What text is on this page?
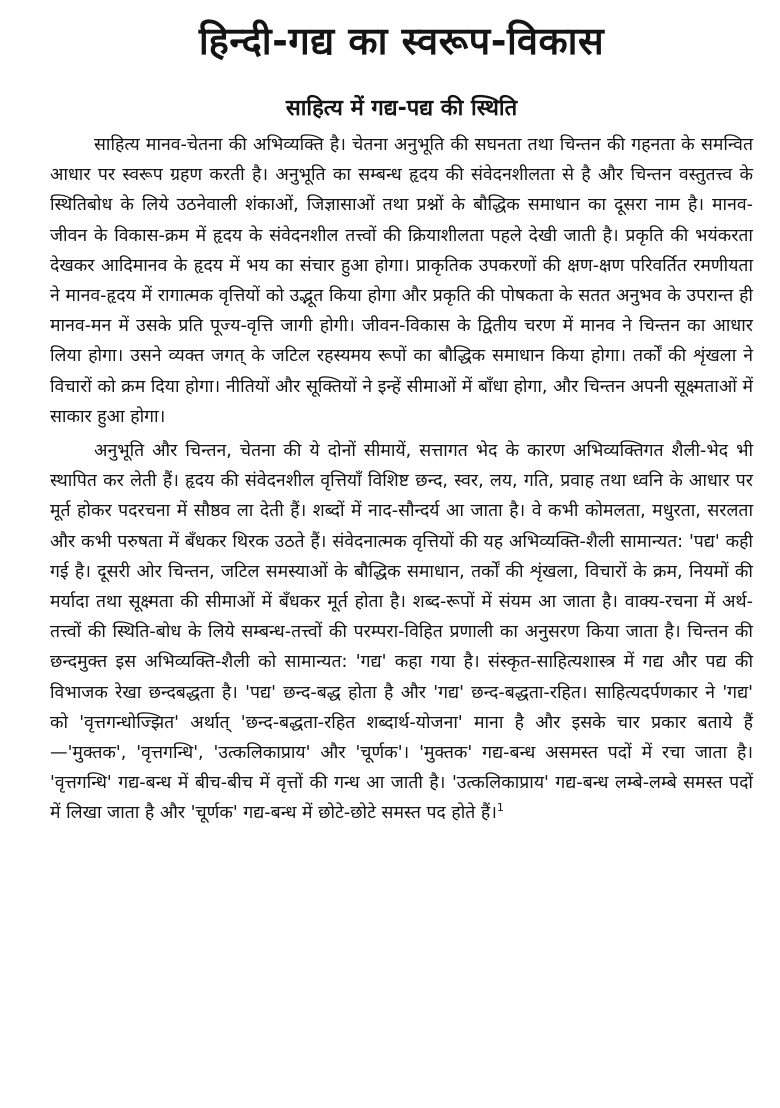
हिन्दी-गद्य का स्वरूप-विकास
साहित्य में गद्य-पद्य की स्थिति

साहित्य मानव-चेतना की अभिव्यक्ति है। चेतना अनुभूति की सघनता तथा चिन्तन की गहनता के समन्वित आधार पर स्वरूप ग्रहण करती है। अनुभूति का सम्बन्ध हृदय की संवेदनशीलता से है और चिन्तन वस्तुतत्त्व के स्थितिबोध के लिये उठनेवाली शंकाओं, जिज्ञासाओं तथा प्रश्नों के बौद्धिक समाधान का दूसरा नाम है। मानव-जीवन के विकास-क्रम में हृदय के संवेदनशील तत्त्वों की क्रियाशीलता पहले देखी जाती है। प्रकृति की भयंकरता देखकर आदिमानव के हृदय में भय का संचार हुआ होगा। प्राकृतिक उपकरणों की क्षण-क्षण परिवर्तित रमणीयता ने मानव-हृदय में रागात्मक वृत्तियों को उद्भूत किया होगा और प्रकृति की पोषकता के सतत अनुभव के उपरान्त ही मानव-मन में उसके प्रति पूज्य-वृत्ति जागी होगी। जीवन-विकास के द्वितीय चरण में मानव ने चिन्तन का आधार लिया होगा। उसने व्यक्त जगत् के जटिल रहस्यमय रूपों का बौद्धिक समाधान किया होगा। तर्कों की शृंखला ने विचारों को क्रम दिया होगा। नीतियों और सूक्तियों ने इन्हें सीमाओं में बाँधा होगा, और चिन्तन अपनी सूक्ष्मताओं में साकार हुआ होगा।

अनुभूति और चिन्तन, चेतना की ये दोनों सीमायें, सत्तागत भेद के कारण अभिव्यक्तिगत शैली-भेद भी स्थापित कर लेती हैं। हृदय की संवेदनशील वृत्तियाँ विशिष्ट छन्द, स्वर, लय, गति, प्रवाह तथा ध्वनि के आधार पर मूर्त होकर पदरचना में सौष्ठव ला देती हैं। शब्दों में नाद-सौन्दर्य आ जाता है। वे कभी कोमलता, मधुरता, सरलता और कभी परुषता में बँधकर थिरक उठते हैं। संवेदनात्मक वृत्तियों की यह अभिव्यक्ति-शैली सामान्यत: 'पद्य' कही गई है। दूसरी ओर चिन्तन, जटिल समस्याओं के बौद्धिक समाधान, तर्कों की शृंखला, विचारों के क्रम, नियमों की मर्यादा तथा सूक्ष्मता की सीमाओं में बँधकर मूर्त होता है। शब्द-रूपों में संयम आ जाता है। वाक्य-रचना में अर्थ-तत्त्वों की स्थिति-बोध के लिये सम्बन्ध-तत्त्वों की परम्परा-विहित प्रणाली का अनुसरण किया जाता है। चिन्तन की छन्दमुक्त इस अभिव्यक्ति-शैली को सामान्यत: 'गद्य' कहा गया है। संस्कृत-साहित्यशास्त्र में गद्य और पद्य की विभाजक रेखा छन्दबद्धता है। 'पद्य' छन्द-बद्ध होता है और 'गद्य' छन्द-बद्धता-रहित। साहित्यदर्पणकार ने 'गद्य' को 'वृत्तगन्धोज्झित' अर्थात् 'छन्द-बद्धता-रहित शब्दार्थ-योजना' माना है और इसके चार प्रकार बताये हैं—'मुक्तक', 'वृत्तगन्धि', 'उत्कलिकाप्राय' और 'चूर्णक'। 'मुक्तक' गद्य-बन्ध असमस्त पदों में रचा जाता है। 'वृत्तगन्धि' गद्य-बन्ध में बीच-बीच में वृत्तों की गन्ध आ जाती है। 'उत्कलिकाप्राय' गद्य-बन्ध लम्बे-लम्बे समस्त पदों में लिखा जाता है और 'चूर्णक' गद्य-बन्ध में छोटे-छोटे समस्त पद होते हैं।$^1$
